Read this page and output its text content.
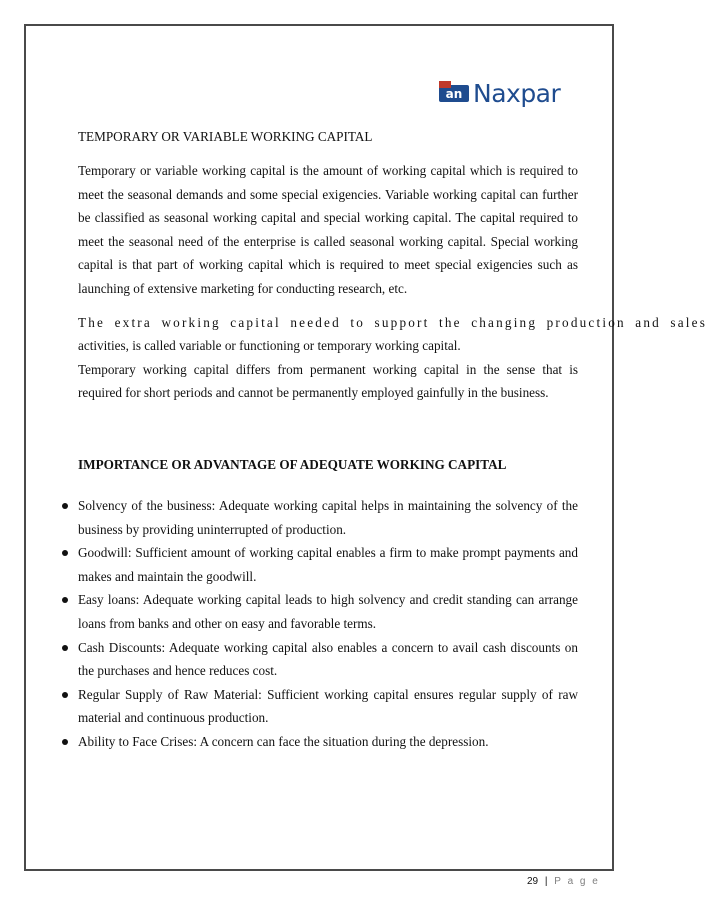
an Naxpar

TEMPORARY OR VARIABLE WORKING CAPITAL

Temporary or variable working capital is the amount of working capital which is required to meet the seasonal demands and some special exigencies. Variable working capital can further be classified as seasonal working capital and special working capital. The capital required to meet the seasonal need of the enterprise is called seasonal working capital. Special working capital is that part of working capital which is required to meet special exigencies such as launching of extensive marketing for conducting research, etc.

The extra working capital needed to support the changing production and sales

activities, is called variable or functioning or temporary working capital.

Temporary working capital differs from permanent working capital in the sense that is required for short periods and cannot be permanently employed gainfully in the business.

IMPORTANCE OR ADVANTAGE OF ADEQUATE WORKING CAPITAL

Solvency of the business: Adequate working capital helps in maintaining the solvency of the business by providing uninterrupted of production.
Goodwill: Sufficient amount of working capital enables a firm to make prompt payments and makes and maintain the goodwill.
Easy loans: Adequate working capital leads to high solvency and credit standing can arrange loans from banks and other on easy and favorable terms.
Cash Discounts: Adequate working capital also enables a concern to avail cash discounts on the purchases and hence reduces cost.
Regular Supply of Raw Material: Sufficient working capital ensures regular supply of raw material and continuous production.
Ability to Face Crises: A concern can face the situation during the depression.
29 | P a g e
